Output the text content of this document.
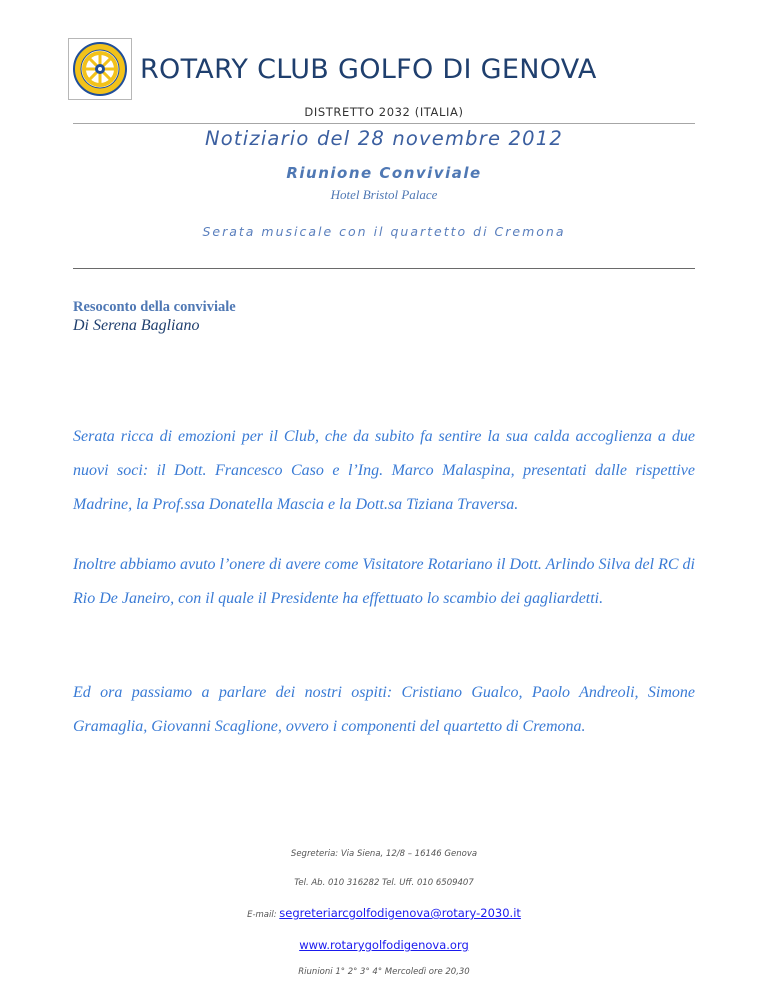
ROTARY CLUB GOLFO DI GENOVA
DISTRETTO 2032 (ITALIA)
Notiziario del 28 novembre 2012
Riunione Conviviale
Hotel Bristol Palace
Serata musicale con il quartetto di Cremona
Resoconto della conviviale
Di Serena Bagliano
Serata ricca di emozioni per il Club, che da subito fa sentire la sua calda accoglienza a due nuovi soci: il Dott. Francesco Caso e l’Ing. Marco Malaspina, presentati dalle rispettive Madrine, la Prof.ssa Donatella Mascia e la Dott.sa Tiziana Traversa.
Inoltre abbiamo avuto l’onere di avere come Visitatore Rotariano il Dott. Arlindo Silva del RC di Rio De Janeiro, con il quale il Presidente ha effettuato lo scambio dei gagliardetti.
Ed ora passiamo a parlare dei nostri ospiti: Cristiano Gualco, Paolo Andreoli, Simone Gramaglia, Giovanni Scaglione, ovvero i componenti del quartetto di Cremona.
Segreteria: Via Siena, 12/8 – 16146 Genova
Tel. Ab. 010 316282 Tel. Uff. 010 6509407
E-mail: segreteriarcgolfodigenova@rotary-2030.it
www.rotarygolfodigenova.org
Riunioni 1° 2° 3° 4° Mercoledì ore 20,30
